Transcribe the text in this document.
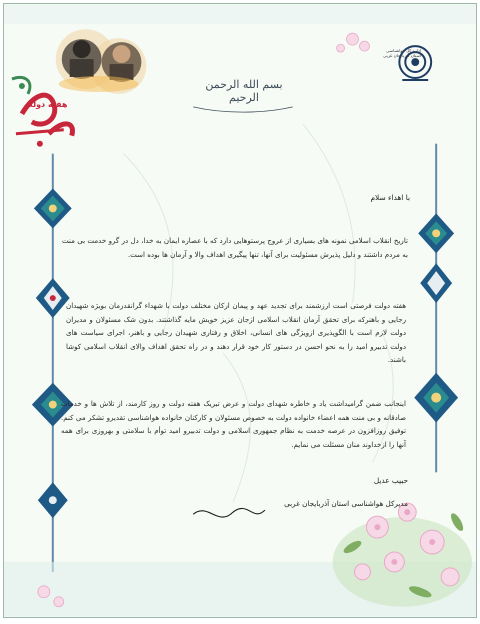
بسم الله الرحمن الرحیم
اداره کل هواشناسی
استان آذربایجان غربی
هفته دولت
با اهداء سلام
تاریخ انقلاب اسلامی نمونه های بسیاری از عروج پرستوهایی دارد که با عصاره ایمان به خدا، دل در گرو خدمت بی منت به مردم داشتند و دلیل پذیرش مسئولیت برای آنها، تنها پیگیری اهداف والا و آرمان ها بوده است.
هفته دولت فرصتی است ارزشمند برای تجدید عهد و پیمان ارکان مختلف دولت با شهداء گرانقدرمان بویژه شهیدان رجایی و باهنرکه برای تحقق آرمان انقلاب اسلامی ازجان عزیز خویش مایه گذاشتند. بدون شک مسئولان و مدیران دولت لازم است با الگوپذیری ازویژگی های انسانی، اخلاق و رفتاری شهیدان رجایی و باهنر، اجرای سیاست های دولت تدبیرو امید را به نحو احسن در دستور کار خود قرار دهند و در راه تحقق اهداف والای انقلاب اسلامی کوشا باشند.
اینجانب ضمن گرامیداشت یاد و خاطره شهدای دولت و عرض تبریک هفته دولت و روز کارمند، از تلاش ها و خدمات صادقانه و بی منت همه اعضاء خانواده دولت به خصوص مسئولان و کارکنان خانواده هواشناسی تقدیرو تشکر می کنم. توفیق روزافزون در عرصه خدمت به نظام جمهوری اسلامی و دولت تدبیرو امید توأم با سلامتی و بهروزی برای همه آنها را ازخداوند منان مسئلت می نمایم.
حبیب عدیل
مدیرکل هواشناسی استان آذربایجان غربی
